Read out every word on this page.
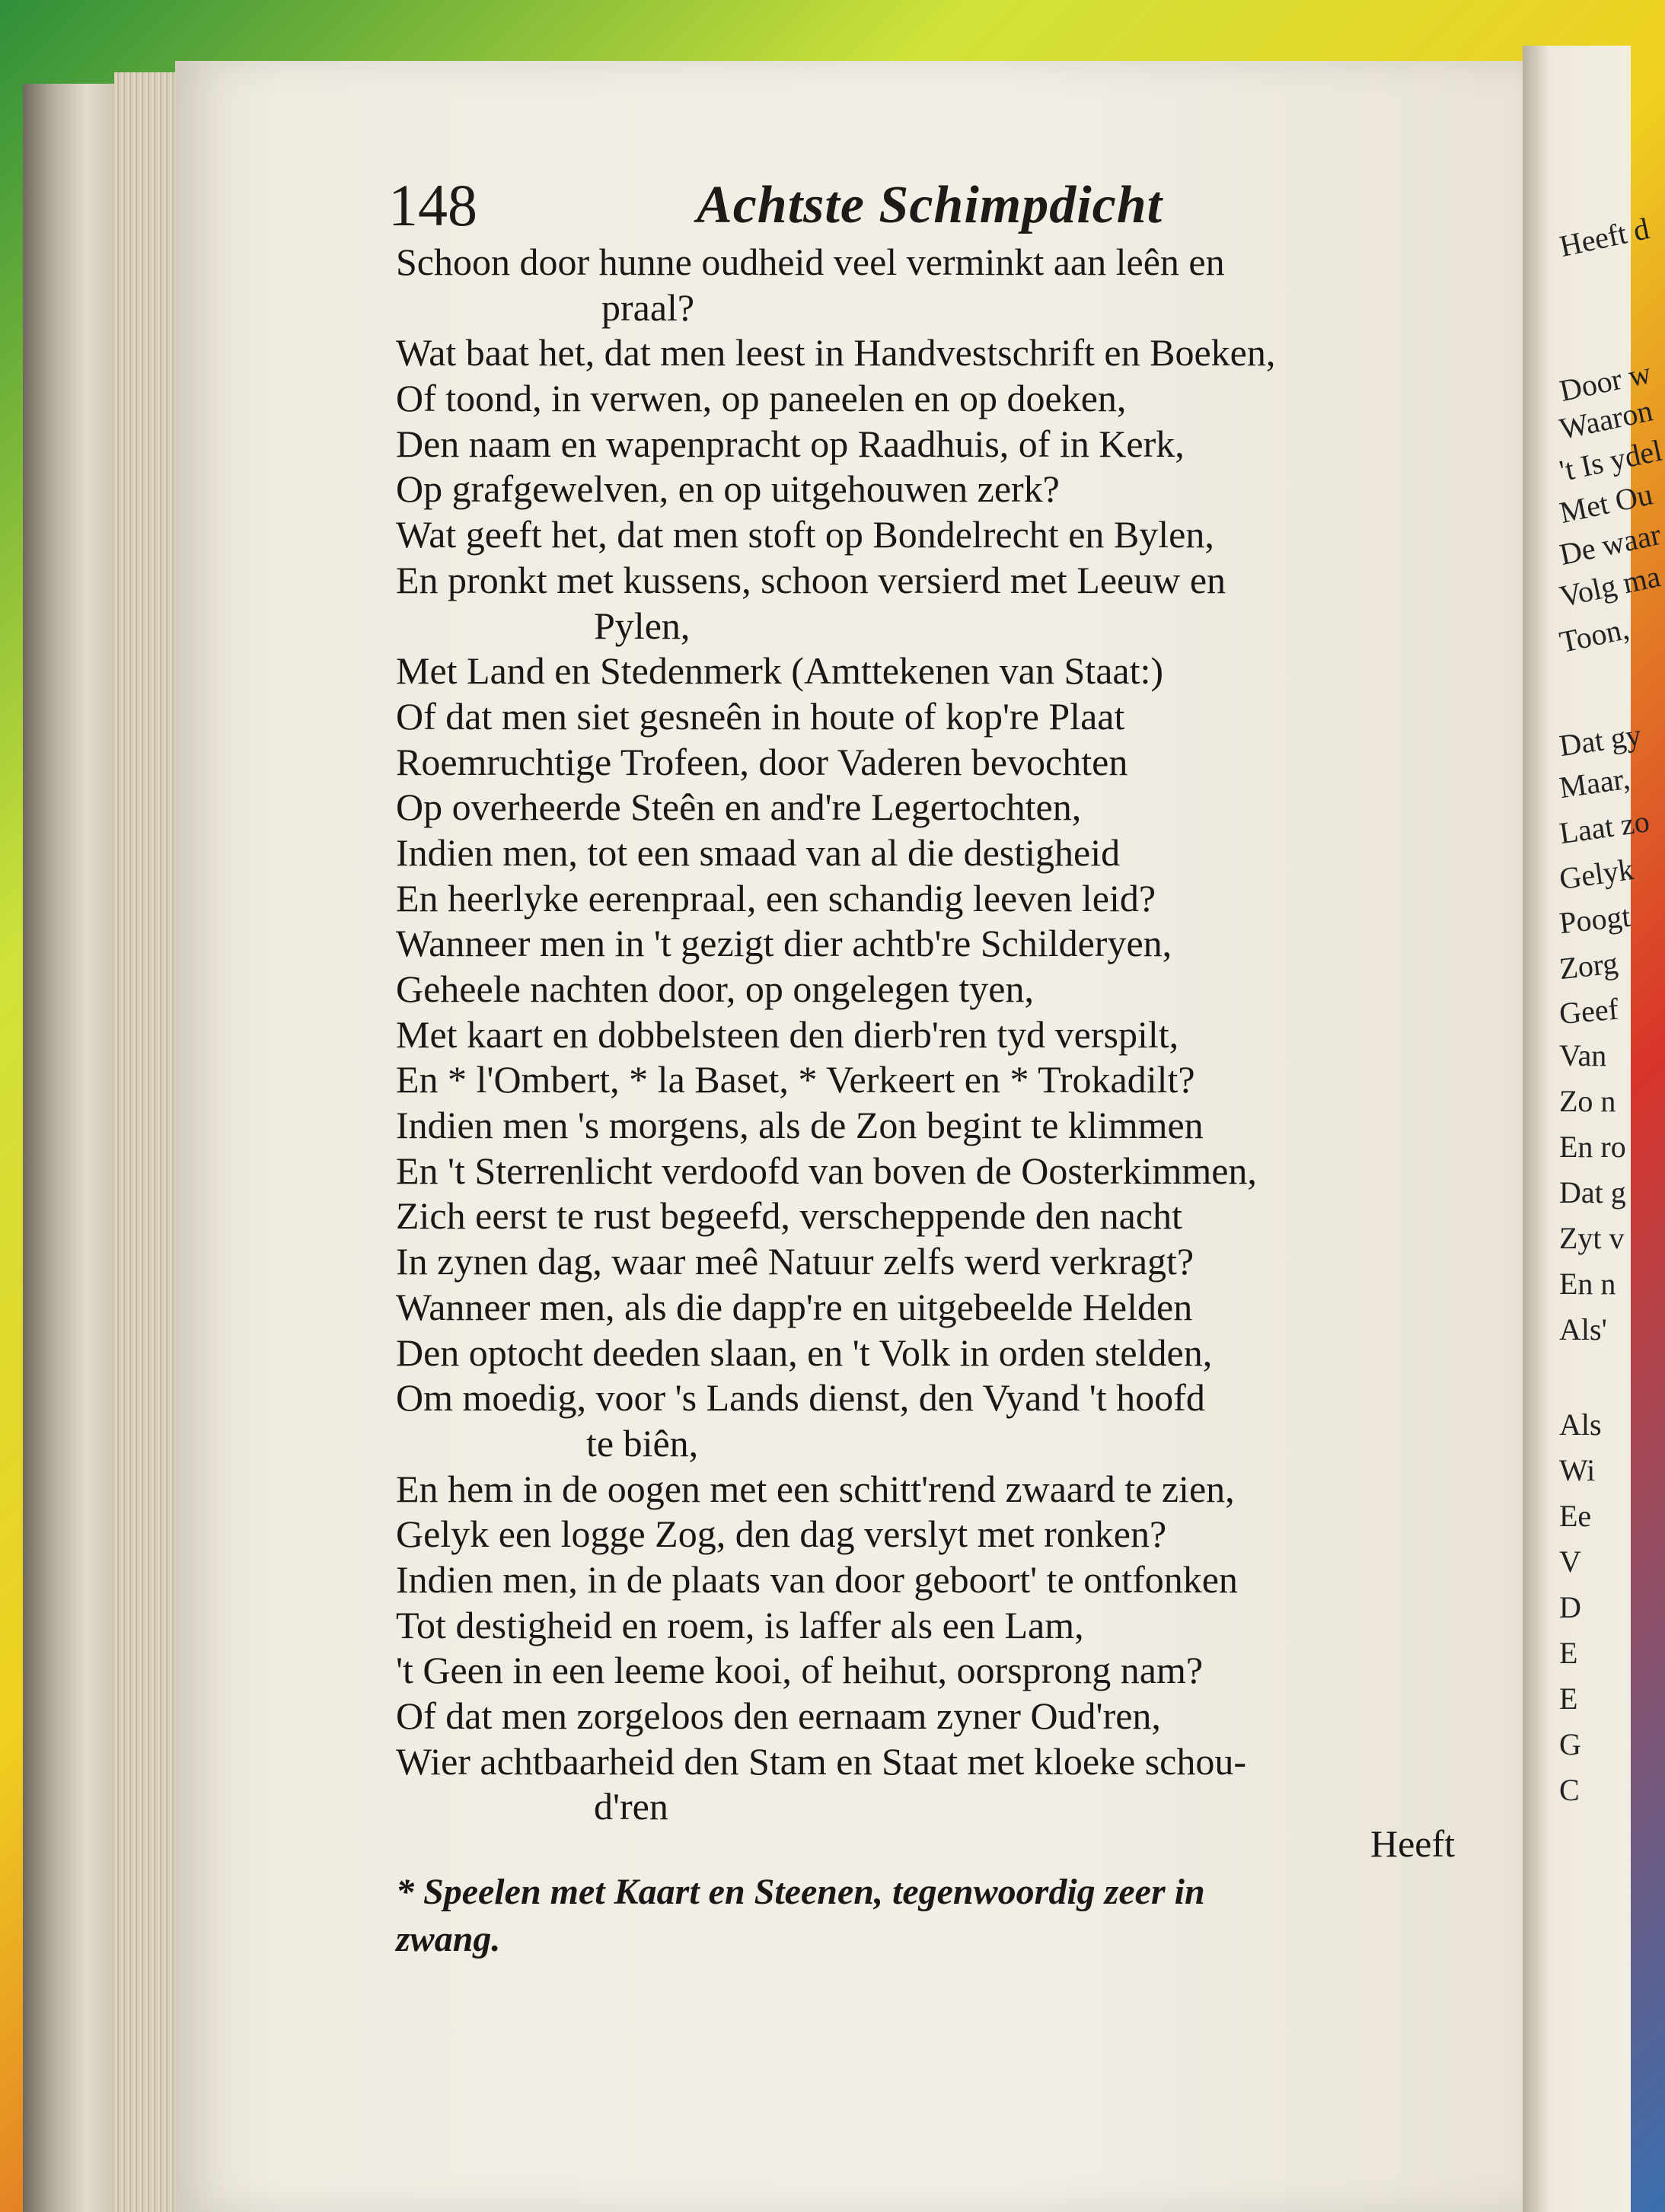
Heeft d
Door w
Waaron
't Is ydel
Met Ou
De waar
Volg ma
Toon,
Dat gy
Maar,
Laat zo
Gelyk
Poogt
Zorg
Geef
Van
Zo n
En ro
Dat g
Zyt v
En n
Als'
Als
Wi
Ee
V
D
E
E
G
C
148	Achtste Schimpdicht
Schoon door hunne oudheid veel verminkt aan leên en
praal?
Wat baat het, dat men leest in Handvestschrift en Boeken,
Of toond, in verwen, op paneelen en op doeken,
Den naam en wapenpracht op Raadhuis, of in Kerk,
Op grafgewelven, en op uitgehouwen zerk?
Wat geeft het, dat men stoft op Bondelrecht en Bylen,
En pronkt met kussens, schoon versierd met Leeuw en
Pylen,
Met Land en Stedenmerk (Amttekenen van Staat:)
Of dat men siet gesneên in houte of kop're Plaat
Roemruchtige Trofeen, door Vaderen bevochten
Op overheerde Steên en and're Legertochten,
Indien men, tot een smaad van al die destigheid
En heerlyke eerenpraal, een schandig leeven leid?
Wanneer men in 't gezigt dier achtb're Schilderyen,
Geheele nachten door, op ongelegen tyen,
Met kaart en dobbelsteen den dierb'ren tyd verspilt,
En * l'Ombert, * la Baset, * Verkeert en * Trokadilt?
Indien men 's morgens, als de Zon begint te klimmen
En 't Sterrenlicht verdoofd van boven de Oosterkimmen,
Zich eerst te rust begeefd, verscheppende den nacht
In zynen dag, waar meê Natuur zelfs werd verkragt?
Wanneer men, als die dapp're en uitgebeelde Helden
Den optocht deeden slaan, en 't Volk in orden stelden,
Om moedig, voor 's Lands dienst, den Vyand 't hoofd
te biên,
En hem in de oogen met een schitt'rend zwaard te zien,
Gelyk een logge Zog, den dag verslyt met ronken?
Indien men, in de plaats van door geboort' te ontfonken
Tot destigheid en roem, is laffer als een Lam,
't Geen in een leeme kooi, of heihut, oorsprong nam?
Of dat men zorgeloos den eernaam zyner Oud'ren,
Wier achtbaarheid den Stam en Staat met kloeke schou-
d'ren
Heeft
* Speelen met Kaart en Steenen, tegenwoordig zeer in
zwang.
